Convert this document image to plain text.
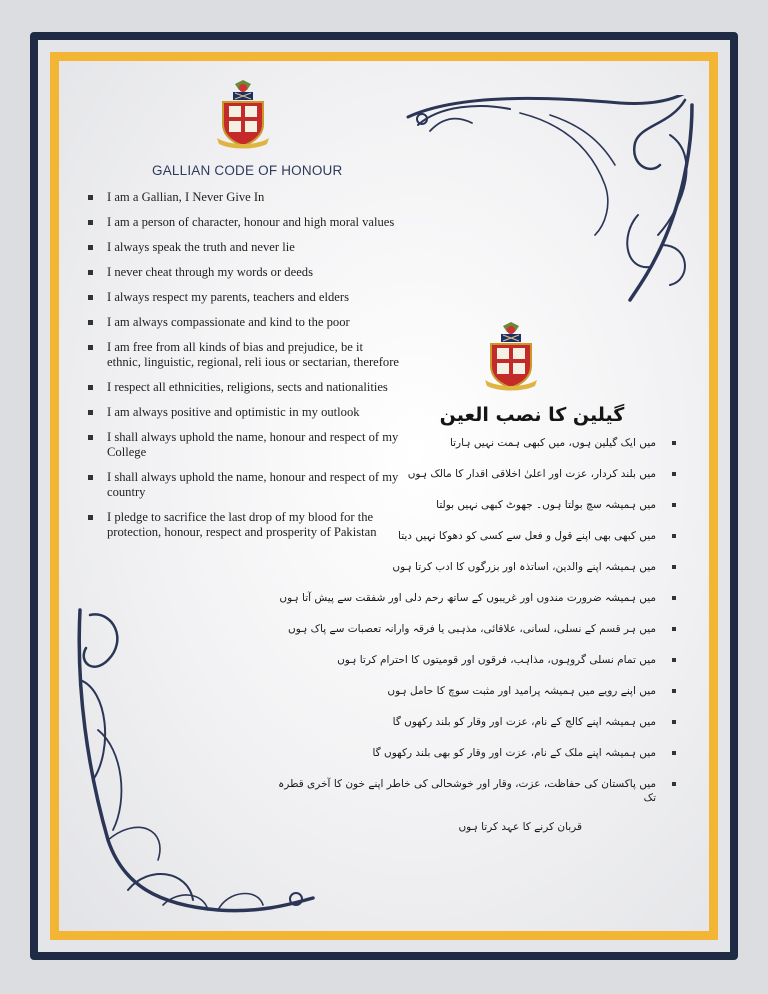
GALLIAN CODE OF HONOUR
I am a Gallian, I Never Give In
I am a person of character, honour and high moral values
I always speak the truth and never lie
I never cheat through my words or deeds
I always respect my parents, teachers and elders
I am always compassionate and kind to the poor
I am free from all kinds of bias and prejudice, be it ethnic, linguistic, regional, reli ious or sectarian, therefore
I respect all ethnicities, religions, sects and nationalities
I am always positive and optimistic in my outlook
I shall always uphold the name, honour and respect of my College
I shall always uphold the name, honour and respect of my country
I pledge to sacrifice the last drop of my blood for the protection, honour, respect and prosperity of Pakistan
گیلین کا نصب العین
میں ایک گیلین ہوں، میں کبھی ہمت نہیں ہارتا
میں بلند کردار، عزت اور اعلیٰ اخلاقی اقدار کا مالک ہوں
میں ہمیشہ سچ بولتا ہوں۔ جھوٹ کبھی نہیں بولتا
میں کبھی بھی اپنے قول و فعل سے کسی کو دھوکا نہیں دیتا
میں ہمیشہ اپنے والدین، اساتذہ اور بزرگوں کا ادب کرتا ہوں
میں ہمیشہ ضرورت مندوں اور غریبوں کے ساتھ رحم دلی اور شفقت سے پیش آتا ہوں
میں ہر قسم کے نسلی، لسانی، علاقائی، مذہبی یا فرقہ وارانہ تعصبات سے پاک ہوں
میں تمام نسلی گروہوں، مذاہب، فرقوں اور قومیتوں کا احترام کرتا ہوں
میں اپنے رویے میں ہمیشہ پرامید اور مثبت سوچ کا حامل ہوں
میں ہمیشہ اپنے کالج کے نام، عزت اور وقار کو بلند رکھوں گا
میں ہمیشہ اپنے ملک کے نام، عزت اور وقار کو بھی بلند رکھوں گا
میں پاکستان کی حفاظت، عزت، وقار اور خوشحالی کی خاطر اپنے خون کا آخری قطرہ تک
قربان کرنے کا عہد کرتا ہوں
